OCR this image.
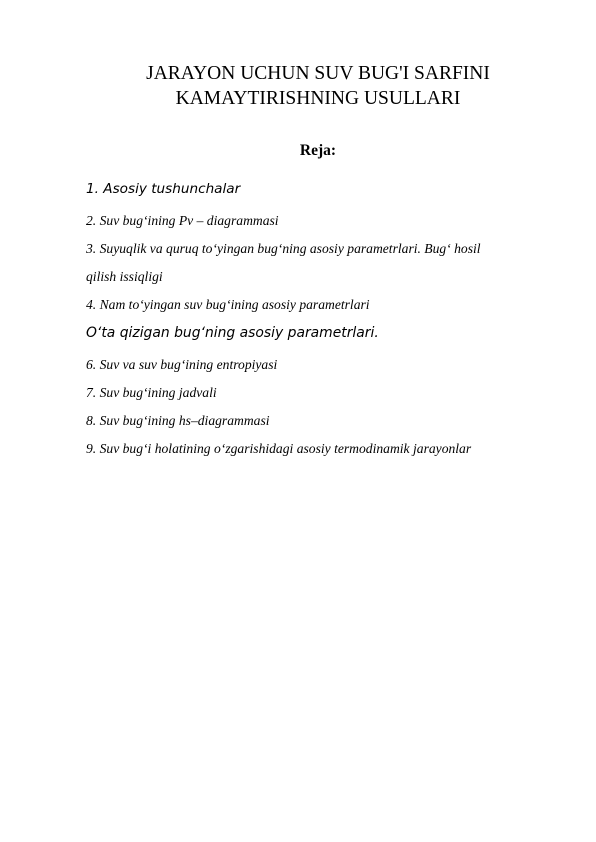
JARAYON UCHUN SUV BUG'I SARFINI
KAMAYTIRISHNING USULLARI

Reja:

1. Asosiy tushunchalar

2. Suv bug‘ining Pv – diagrammasi

3. Suyuqlik va quruq to‘yingan bug‘ning asosiy parametrlari. Bug‘ hosil

qilish issiqligi

4. Nam to‘yingan suv bug‘ining asosiy parametrlari

O‘ta qizigan bug‘ning asosiy parametrlari.

6. Suv va suv bug‘ining entropiyasi

7. Suv bug‘ining jadvali

8. Suv bug‘ining hs–diagrammasi

9. Suv bug‘i holatining o‘zgarishidagi asosiy termodinamik jarayonlar
